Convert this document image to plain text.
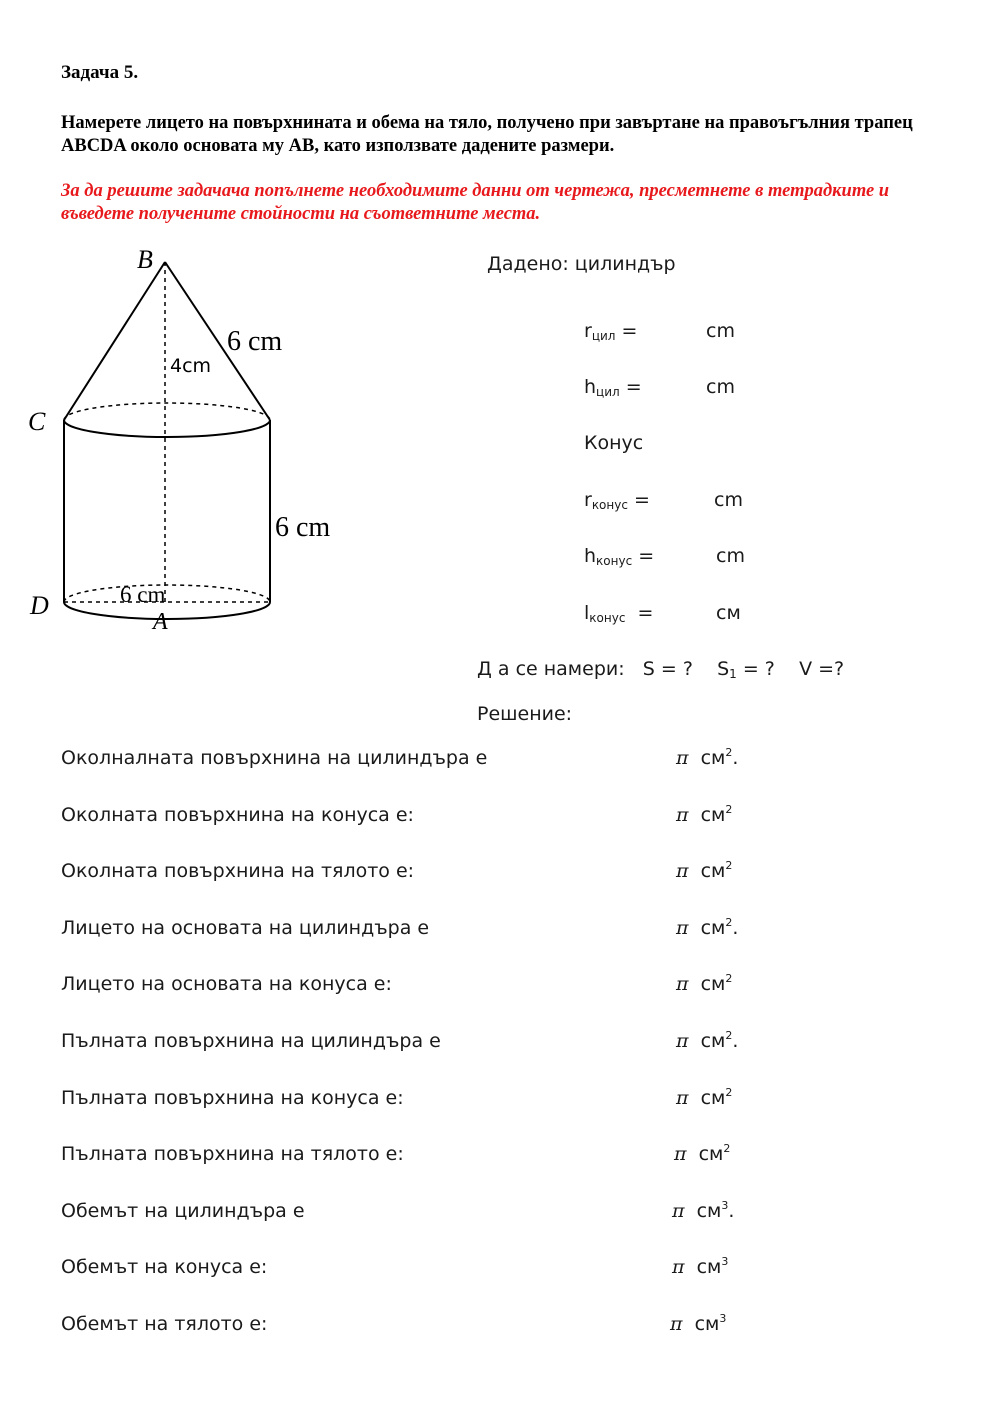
Задача 5.
Намерете лицето на повърхнината и обема на тяло, получено при завъртане на правоъгълния трапец ABCDA около основата му AB, като използвате дадените размери.
За да решите задачача попълнете необходимите данни от чертежа, пресметнете в тетрадките и въведете получените стойности на съответните места.
B
C
D
A
6 cm
4cm
6 cm
6 cm
Дадено: цилиндър
rцил =	cm
hцил =	cm
Конус
rконус =	cm
hконус =	cm
lконус  =	см
Д а се намери: S = ? S1 = ? V =?
Решение:
Околналната повърхнина на цилиндъра е	π $см^2$.
Околната повърхнина на конуса е:	π $см^2$
Околната повърхнина на тялото е:	π $см^2$
Лицето на основата на цилиндъра е	π $см^2$.
Лицето на основата на конуса е:	π $см^2$
Пълната повърхнина на цилиндъра е	π $см^2$.
Пълната повърхнина на конуса е:	π $см^2$
Пълната повърхнина на тялото е:	π $см^2$
Обемът на цилиндъра е	π $см^3$.
Обемът на конуса е:	π $см^3$
Обемът на тялото е:	π $см^3$
